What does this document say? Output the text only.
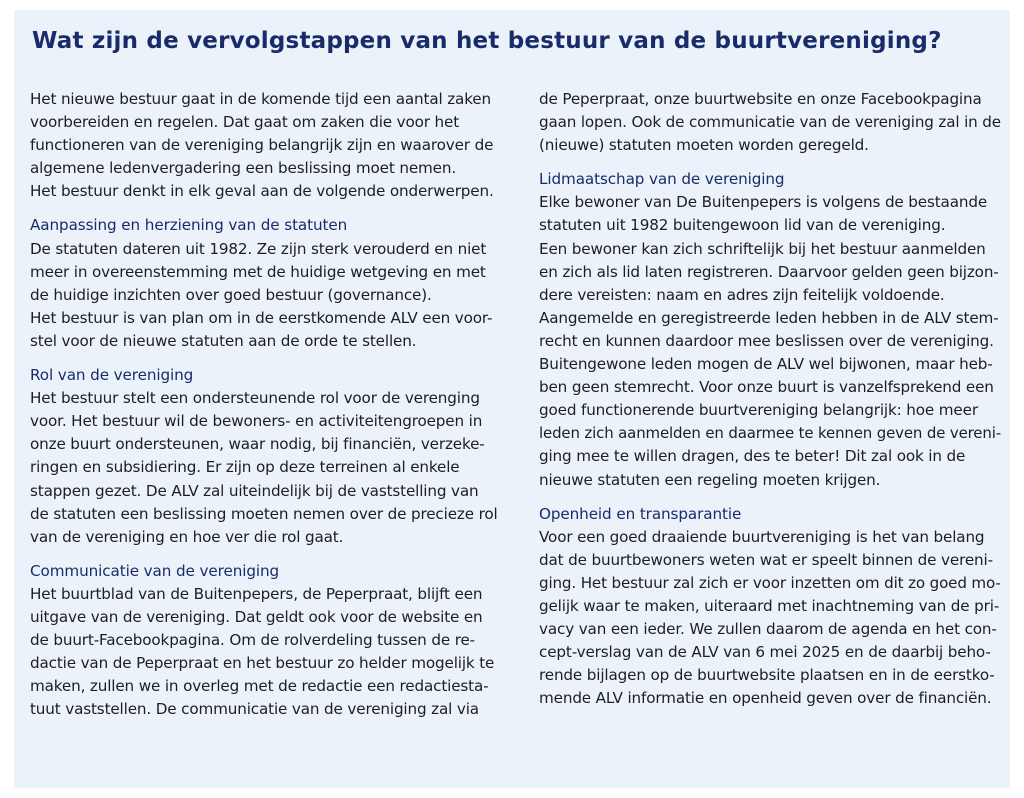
Wat zijn de vervolgstappen van het bestuur van de buurtvereniging?

Het nieuwe bestuur gaat in de komende tijd een aantal zaken
voorbereiden en regelen. Dat gaat om zaken die voor het
functioneren van de vereniging belangrijk zijn en waarover de
algemene ledenvergadering een beslissing moet nemen.
Het bestuur denkt in elk geval aan de volgende onderwerpen.

Aanpassing en herziening van de statuten

De statuten dateren uit 1982. Ze zijn sterk verouderd en niet
meer in overeenstemming met de huidige wetgeving en met
de huidige inzichten over goed bestuur (governance).
Het bestuur is van plan om in de eerstkomende ALV een voor-
stel voor de nieuwe statuten aan de orde te stellen.

Rol van de vereniging

Het bestuur stelt een ondersteunende rol voor de verenging
voor. Het bestuur wil de bewoners- en activiteitengroepen in
onze buurt ondersteunen, waar nodig, bij financiën, verzeke-
ringen en subsidiering. Er zijn op deze terreinen al enkele
stappen gezet. De ALV zal uiteindelijk bij de vaststelling van
de statuten een beslissing moeten nemen over de precieze rol
van de vereniging en hoe ver die rol gaat.

Communicatie van de vereniging

Het buurtblad van de Buitenpepers, de Peperpraat, blijft een
uitgave van de vereniging. Dat geldt ook voor de website en
de buurt-Facebookpagina. Om de rolverdeling tussen de re-
dactie van de Peperpraat en het bestuur zo helder mogelijk te
maken, zullen we in overleg met de redactie een redactiesta-
tuut vaststellen. De communicatie van de vereniging zal via

de Peperpraat, onze buurtwebsite en onze Facebookpagina
gaan lopen. Ook de communicatie van de vereniging zal in de
(nieuwe) statuten moeten worden geregeld.

Lidmaatschap van de vereniging

Elke bewoner van De Buitenpepers is volgens de bestaande
statuten uit 1982 buitengewoon lid van de vereniging.
Een bewoner kan zich schriftelijk bij het bestuur aanmelden
en zich als lid laten registreren. Daarvoor gelden geen bijzon-
dere vereisten: naam en adres zijn feitelijk voldoende.
Aangemelde en geregistreerde leden hebben in de ALV stem-
recht en kunnen daardoor mee beslissen over de vereniging.
Buitengewone leden mogen de ALV wel bijwonen, maar heb-
ben geen stemrecht. Voor onze buurt is vanzelfsprekend een
goed functionerende buurtvereniging belangrijk: hoe meer
leden zich aanmelden en daarmee te kennen geven de vereni-
ging mee te willen dragen, des te beter! Dit zal ook in de
nieuwe statuten een regeling moeten krijgen.

Openheid en transparantie

Voor een goed draaiende buurtvereniging is het van belang
dat de buurtbewoners weten wat er speelt binnen de vereni-
ging. Het bestuur zal zich er voor inzetten om dit zo goed mo-
gelijk waar te maken, uiteraard met inachtneming van de pri-
vacy van een ieder. We zullen daarom de agenda en het con-
cept-verslag van de ALV van 6 mei 2025 en de daarbij beho-
rende bijlagen op de buurtwebsite plaatsen en in de eerstko-
mende ALV informatie en openheid geven over de financiën.
